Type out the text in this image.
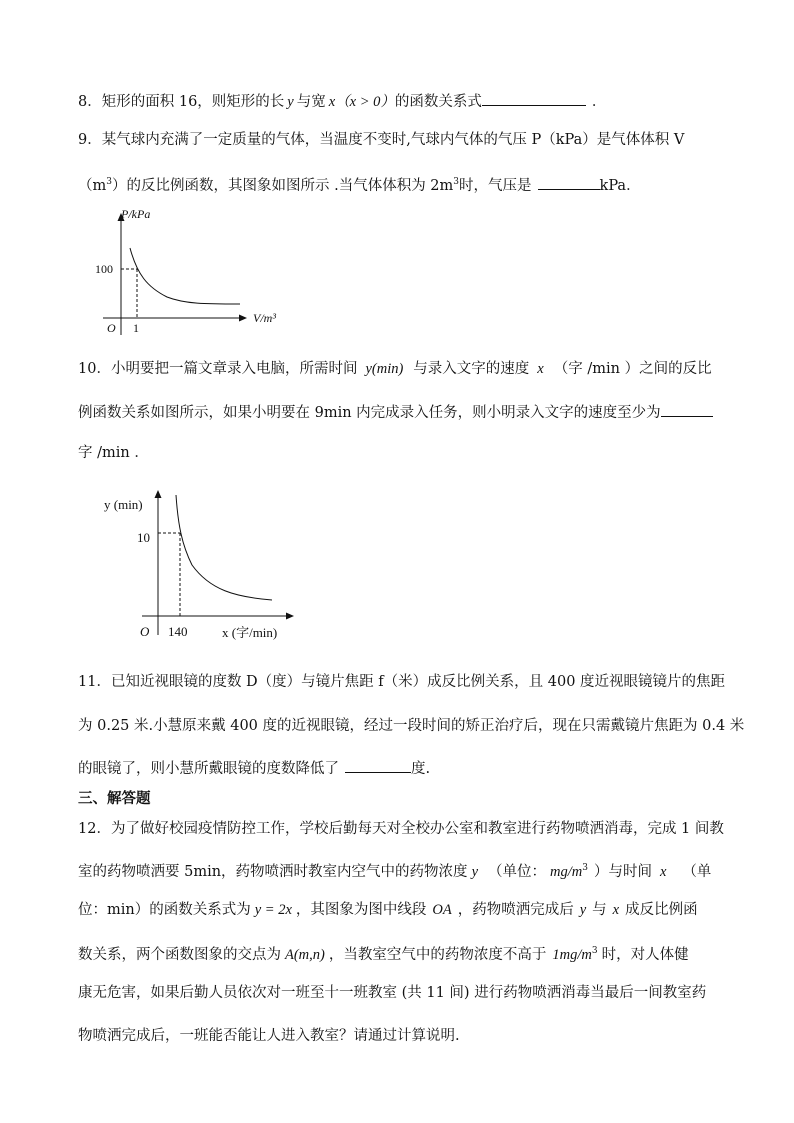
8．矩形的面积 16，则矩形的长 y 与宽 x（x > 0）的函数关系式	．
9．某气球内充满了一定质量的气体，当温度不变时,气球内气体的气压 P（kPa）是气体体积 V
$(m^3)$的反比例函数，其图象如图所示 .当气体体积为 $2m^3$时，气压是	kPa．
P/kPa
V/m³
O 1
100
10．小明要把一篇文章录入电脑，所需时间 y(min) 与录入文字的速度 x （字 /min ）之间的反比
例函数关系如图所示，如果小明要在 9min 内完成录入任务，则小明录入文字的速度至少为
字 /min ．
y (min)
x (字/min)
O 140
10
11．已知近视眼镜的度数 D（度）与镜片焦距 f（米）成反比例关系，且 400 度近视眼镜镜片的焦距
为 0.25 米.小慧原来戴 400 度的近视眼镜，经过一段时间的矫正治疗后，现在只需戴镜片焦距为 0.4 米
的眼镜了，则小慧所戴眼镜的度数降低了	度.
三、解答题
12．为了做好校园疫情防控工作，学校后勤每天对全校办公室和教室进行药物喷洒消毒，完成 1 间教
室的药物喷洒要 5min，药物喷洒时教室内空气中的药物浓度 y （单位： $mg/m^3$ ）与时间 x （单
位：min）的函数关系式为 y = 2x ，其图象为图中线段 OA ，药物喷洒完成后 y 与 x 成反比例函
数关系，两个函数图象的交点为 A(m,n) ，当教室空气中的药物浓度不高于 $1mg/m^3$ 时，对人体健
康无危害，如果后勤人员依次对一班至十一班教室 (共 11 间) 进行药物喷洒消毒当最后一间教室药
物喷洒完成后，一班能否能让人进入教室？请通过计算说明.
